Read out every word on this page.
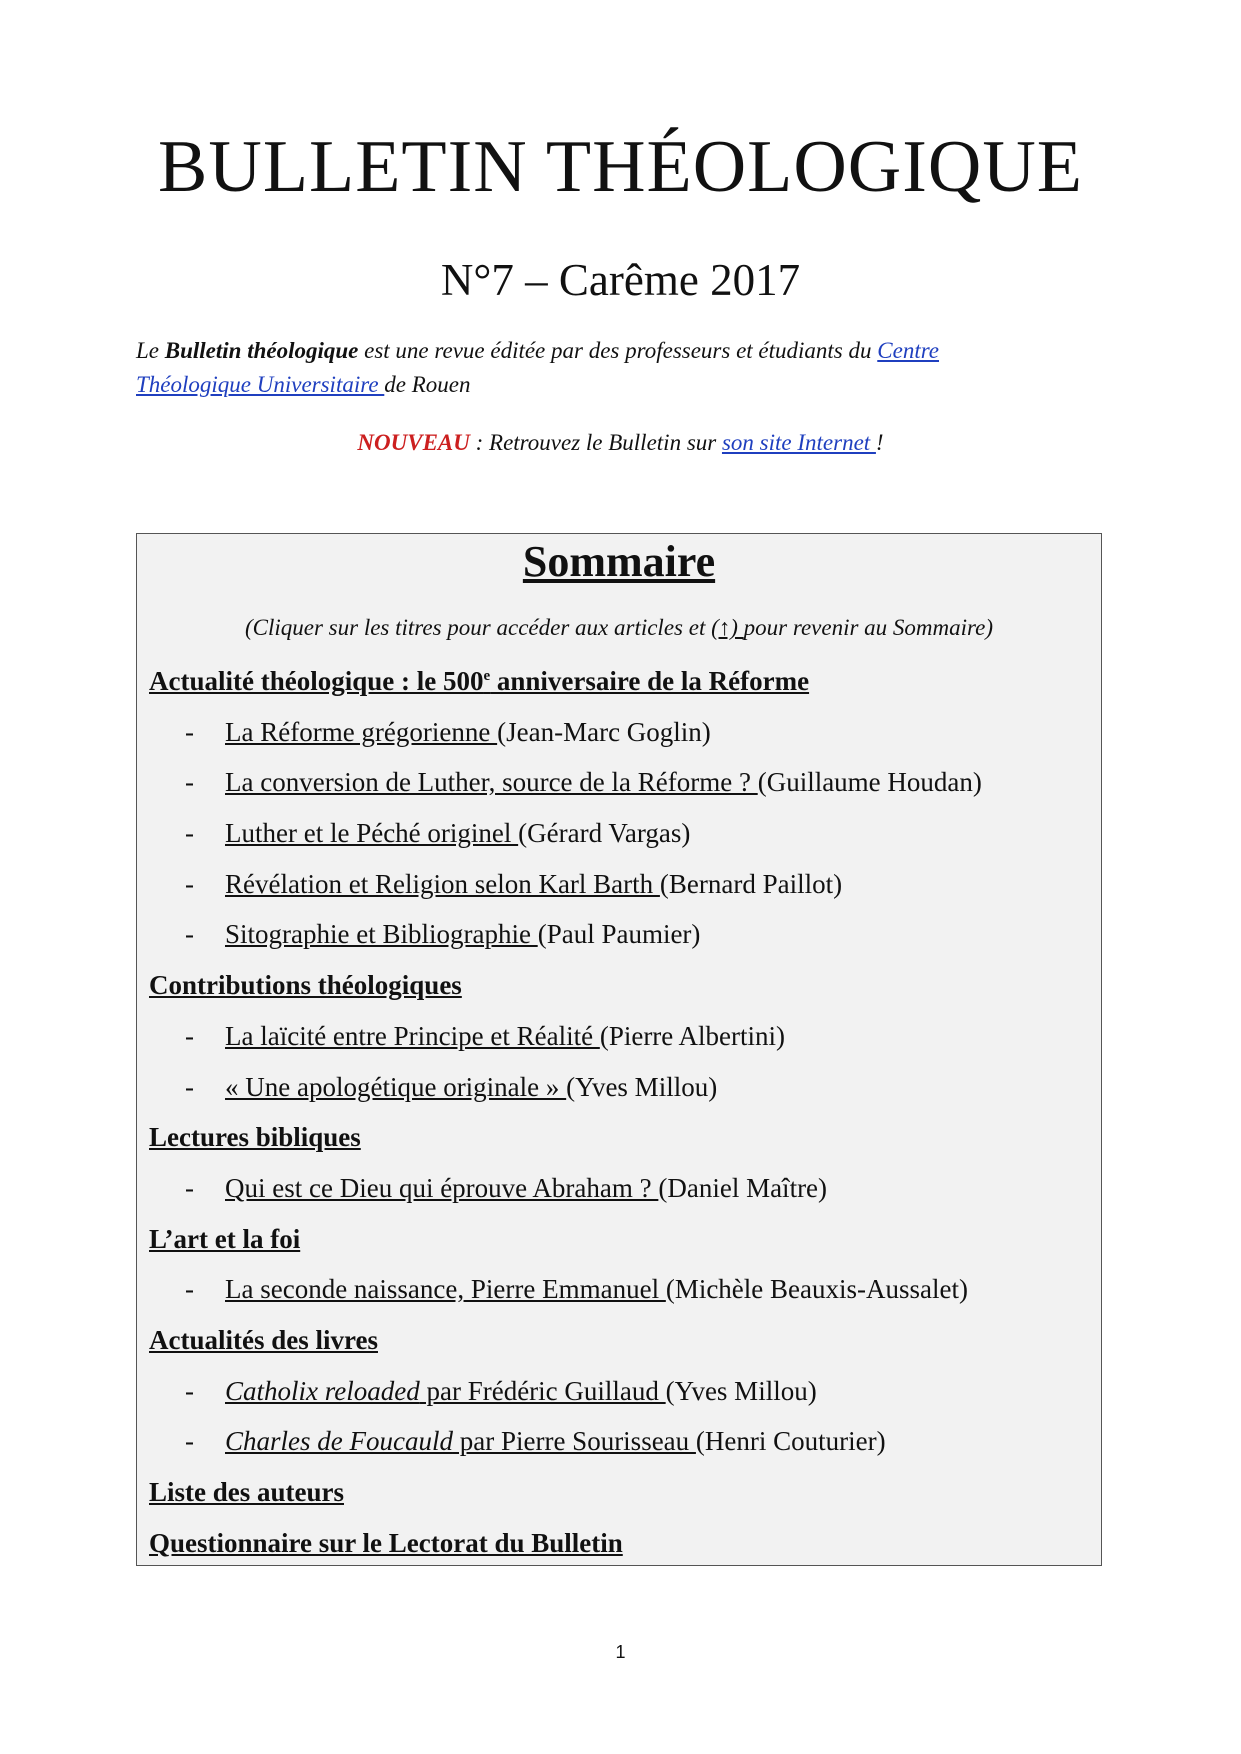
BULLETIN THÉOLOGIQUE
N°7 – Carême 2017

Le Bulletin théologique est une revue éditée par des professeurs et étudiants du Centre Théologique Universitaire de Rouen

NOUVEAU : Retrouvez le Bulletin sur son site Internet !

Sommaire
(Cliquer sur les titres pour accéder aux articles et (↑) pour revenir au Sommaire)
Actualité théologique : le 500e anniversaire de la Réforme
- La Réforme grégorienne (Jean-Marc Goglin)
- La conversion de Luther, source de la Réforme ? (Guillaume Houdan)
- Luther et le Péché originel (Gérard Vargas)
- Révélation et Religion selon Karl Barth (Bernard Paillot)
- Sitographie et Bibliographie (Paul Paumier)
Contributions théologiques
- La laïcité entre Principe et Réalité (Pierre Albertini)
- « Une apologétique originale » (Yves Millou)
Lectures bibliques
- Qui est ce Dieu qui éprouve Abraham ? (Daniel Maître)
L’art et la foi
- La seconde naissance, Pierre Emmanuel (Michèle Beauxis-Aussalet)
Actualités des livres
- Catholix reloaded par Frédéric Guillaud (Yves Millou)
- Charles de Foucauld par Pierre Sourisseau (Henri Couturier)
Liste des auteurs
Questionnaire sur le Lectorat du Bulletin
1
